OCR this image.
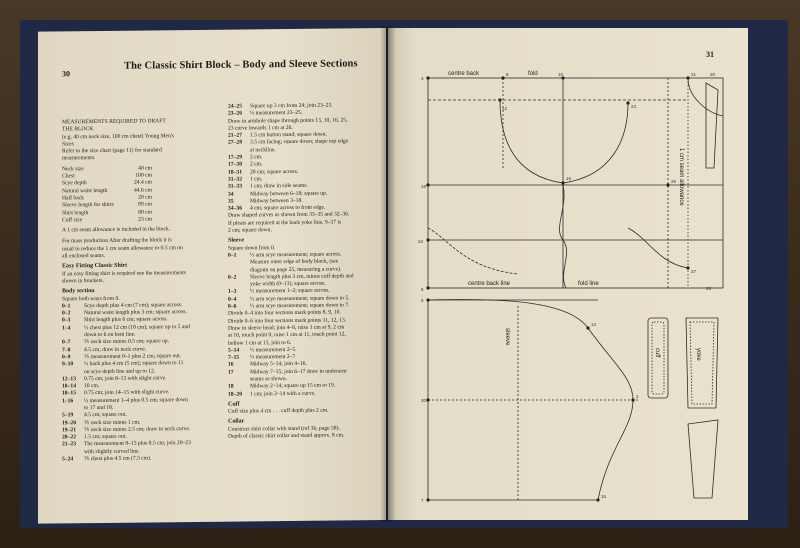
30
The Classic Shirt Block – Body and Sleeve Sections
MEASUREMENTS REQUIRED TO DRAFT
THE BLOCK
(e.g. 40 cm neck size, 100 cm chest) Young Men's
Sizes
Refer to the size chart (page 11) for standard
measurements.
Neck size	40 cm
Chest	100 cm
Scye depth	24.4 cm
Natural waist length	44.6 cm
Half back	20 cm
Sleeve length for shirts	89 cm
Shirt length	80 cm
Cuff size	23 cm
A 1 cm seam allowance is included in the block.
For mass production After drafting the block it is
usual to reduce the 1 cm seam allowance to 0.5 cm on
all enclosed seams.
Easy Fitting Classic Shirt
If an easy fitting shirt is required use the measurements
shown in brackets.
Body section
Square both ways from 0.
0–1	Scye depth plus 4 cm (7 cm); square across.
0–2	Natural waist length plus 3 cm; square across.
0–3	Shirt length plus 6 cm; square across.
1–4	½ chest plus 12 cm (18 cm); square up to 5 and
down to 6 on hem line.
0–7	⅕ neck size minus 0.5 cm; square up.
7–8	4.5 cm; draw in neck curve.
0–9	⅕ measurement 0–1 plus 2 cm; square out.
9–10	½ back plus 4 cm (5 cm); square down to 11
on scye depth line and up to 12.
12–13	0.75 cm; join 8–13 with slight curve.
10–14	10 cm.
10–15	0.75 cm; join 14–15 with slight curve.
1–16	½ measurement 1–4 plus 0.5 cm; square down
to 17 and 18.
5–19	4.5 cm; square out.
19–20	⅕ neck size minus 1 cm.
19–21	⅕ neck size minus 2.5 cm; draw in neck curve.
20–22	1.5 cm; square out.
21–23	The measurement 8–13 plus 0.5 cm; join 20–23
with slightly curved line.
5–24	⅕ chest plus 4.5 cm (7.5 cm).
24–25	Square up 3 cm from 24; join 23–25.
23–26	⅓ measurement 23–25.
Draw in armhole shape through points 13, 10, 16, 25,
23 curve inwards 1 cm at 26.
21–27	1.5 cm button stand; square down.
27–28	3.5 cm facing; square down; shape top edge
at neckline.
17–29	2 cm.
17–30	2 cm.
18–31	20 cm; square across.
31–32	1 cm.
31–33	1 cm; draw in side seams.
34	Midway between 6–18; square up.
35	Midway between 3–18.
34–36	4 cm; square across to front edge.
Draw shaped curves as shown from 33–35 and 32–36.
If pleats are required at the back yoke line, 9–37 is
2 cm; square down.
Sleeve
Square down from 0.
0–1	⅓ arm scye measurement; square across.
Measure outer edge of body block, (see
diagram on page 25, measuring a curve).
0–2	Sleeve length plus 3 cm, minus cuff depth and
yoke width (0–13); square across.
1–3	½ measurement 1–2; square across.
0–4	½ arm scye measurement; square down to 5.
0–6	½ arm scye measurement; square down to 7.
Divide 0–4 into four sections mark points 8, 9, 10.
Divide 0–6 into four sections mark points 11, 12, 13.
Draw in sleeve head; join 4–8, raise 1 cm at 9, 2 cm
at 10, touch point 0, raise 1 cm at 11, touch point 12,
hollow 1 cm at 13, join to 6.
5–14	⅓ measurement 2–5.
7–15	⅓ measurement 2–7.
16	Midway 5–14; join 4–16.
17	Midway 7–15; join 6–17 draw in underarm
seams as shown.
18	Midway 2–14; square up 15 cm to 19.
18–20	1 cm; join 2–14 with a curve.
Cuff
Cuff size plus 4 cm . . . cuff depth plus 2 cm.
Collar
Construct shirt collar with stand (ref 3b, page 58).
Depth of classic shirt collar and stand approx. 8 cm.
31
3
18
34
6
9	10	21	20
12
16
23
25
27
28
5
20
7
14
2
15
centre back	fold
centre back line	fold line
1 cm seam allowance
sleeve
cuff	yoke
